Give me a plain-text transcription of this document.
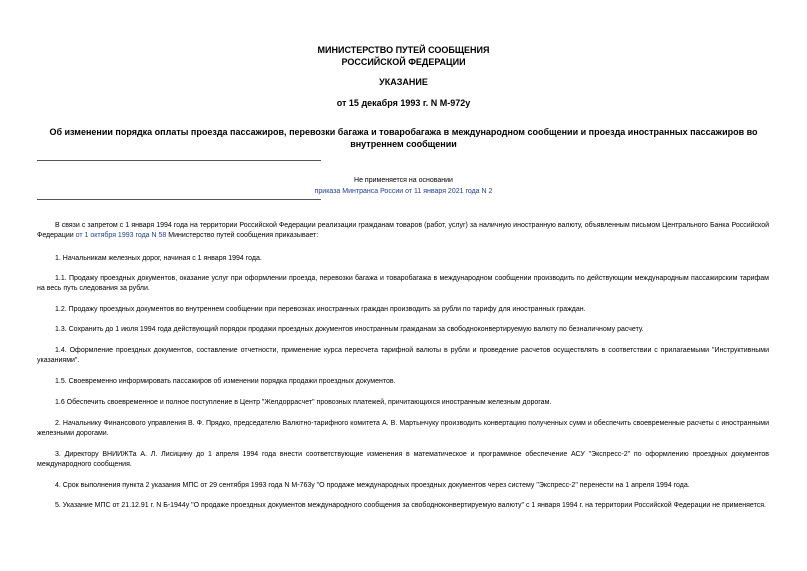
МИНИСТЕРСТВО ПУТЕЙ СООБЩЕНИЯ
РОССИЙСКОЙ ФЕДЕРАЦИИ
УКАЗАНИЕ
от 15 декабря 1993 г. N М-972у
Об изменении порядка оплаты проезда пассажиров, перевозки багажа и товаробагажа в международном сообщении и проезда иностранных пассажиров во внутреннем сообщении
Не применяется на основании
приказа Минтранса России от 11 января 2021 года N 2
В связи с запретом с 1 января 1994 года на территории Российской Федерации реализации гражданам товаров (работ, услуг) за наличную иностранную валюту, объявленным письмом Центрального Банка Российской Федерации от 1 октября 1993 года N 58 Министерство путей сообщения приказывает:
1. Начальникам железных дорог, начиная с 1 января 1994 года.
1.1. Продажу проездных документов, оказание услуг при оформлении проезда, перевозки багажа и товаробагажа в международном сообщении производить по действующим международным пассажирским тарифам на весь путь следования за рубли.
1.2. Продажу проездных документов во внутреннем сообщении при перевозках иностранных граждан производить за рубли по тарифу для иностранных граждан.
1.3. Сохранить до 1 июля 1994 года действующий порядок продажи проездных документов иностранным гражданам за свободноконвертируемую валюту по безналичному расчету.
1.4. Оформление проездных документов, составление отчетности, применение курса пересчета тарифной валюты в рубли и проведение расчетов осуществлять в соответствии с прилагаемыми "Инструктивными указаниями".
1.5. Своевременно информировать пассажиров об изменении порядка продажи проездных документов.
1.6 Обеспечить своевременное и полное поступление в Центр "Желдоррасчет" провозных платежей, причитающихся иностранным железным дорогам.
2. Начальнику Финансового управления В. Ф. Прядко, председателю Валютно-тарифного комитета А. В. Мартынчуку производить конвертацию полученных сумм и обеспечить своевременные расчеты с иностранными железными дорогами.
3. Директору ВНИИЖТа А. Л. Лисицину до 1 апреля 1994 года внести соответствующие изменения в математическое и программное обеспечение АСУ "Экспресс-2" по оформлению проездных документов международного сообщения.
4. Срок выполнения пункта 2 указания МПС от 29 сентября 1993 года N М-763у "О продаже международных проездных документов через систему "Экспресс-2" перенести на 1 апреля 1994 года.
5. Указание МПС от 21.12.91 г. N Б-1944у "О продаже проездных документов международного сообщения за свободноконвертируемую валюту" с 1 января 1994 г. на территории Российской Федерации не применяется.
